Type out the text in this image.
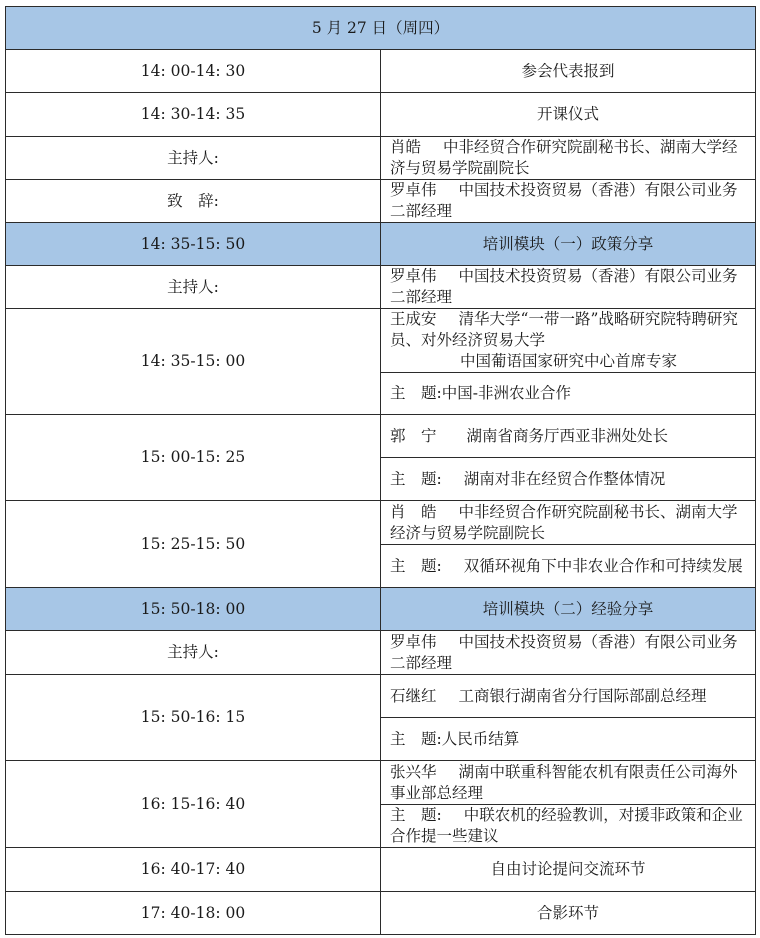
5 月 27 日（周四）	
14: 00-14: 30	参会代表报到
14: 30-14: 35	开课仪式
主持人:	肖皓 中非经贸合作研究院副秘书长、湖南大学经济与贸易学院副院长
致　辞:	罗卓伟 中国技术投资贸易（香港）有限公司业务二部经理
14: 35-15: 50	培训模块（一）政策分享
主持人:	罗卓伟 中国技术投资贸易（香港）有限公司业务二部经理
14: 35-15: 00	王成安 清华大学“一带一路”战略研究院特聘研究员、对外经济贸易大学
中国葡语国家研究中心首席专家

	主　题:中国-非洲农业合作
15: 00-15: 25	郭　宁 湖南省商务厅西亚非洲处处长
	主　题: 湖南对非在经贸合作整体情况
15: 25-15: 50	肖　皓 中非经贸合作研究院副秘书长、湖南大学经济与贸易学院副院长
	主　题: 双循环视角下中非农业合作和可持续发展
15: 50-18: 00	培训模块（二）经验分享
主持人:	罗卓伟 中国技术投资贸易（香港）有限公司业务二部经理
15: 50-16: 15	石继红 工商银行湖南省分行国际部副总经理
	主　题:人民币结算
16: 15-16: 40	张兴华 湖南中联重科智能农机有限责任公司海外事业部总经理
	主　题: 中联农机的经验教训，对援非政策和企业合作提一些建议
16: 40-17: 40	自由讨论提问交流环节
17: 40-18: 00	合影环节
